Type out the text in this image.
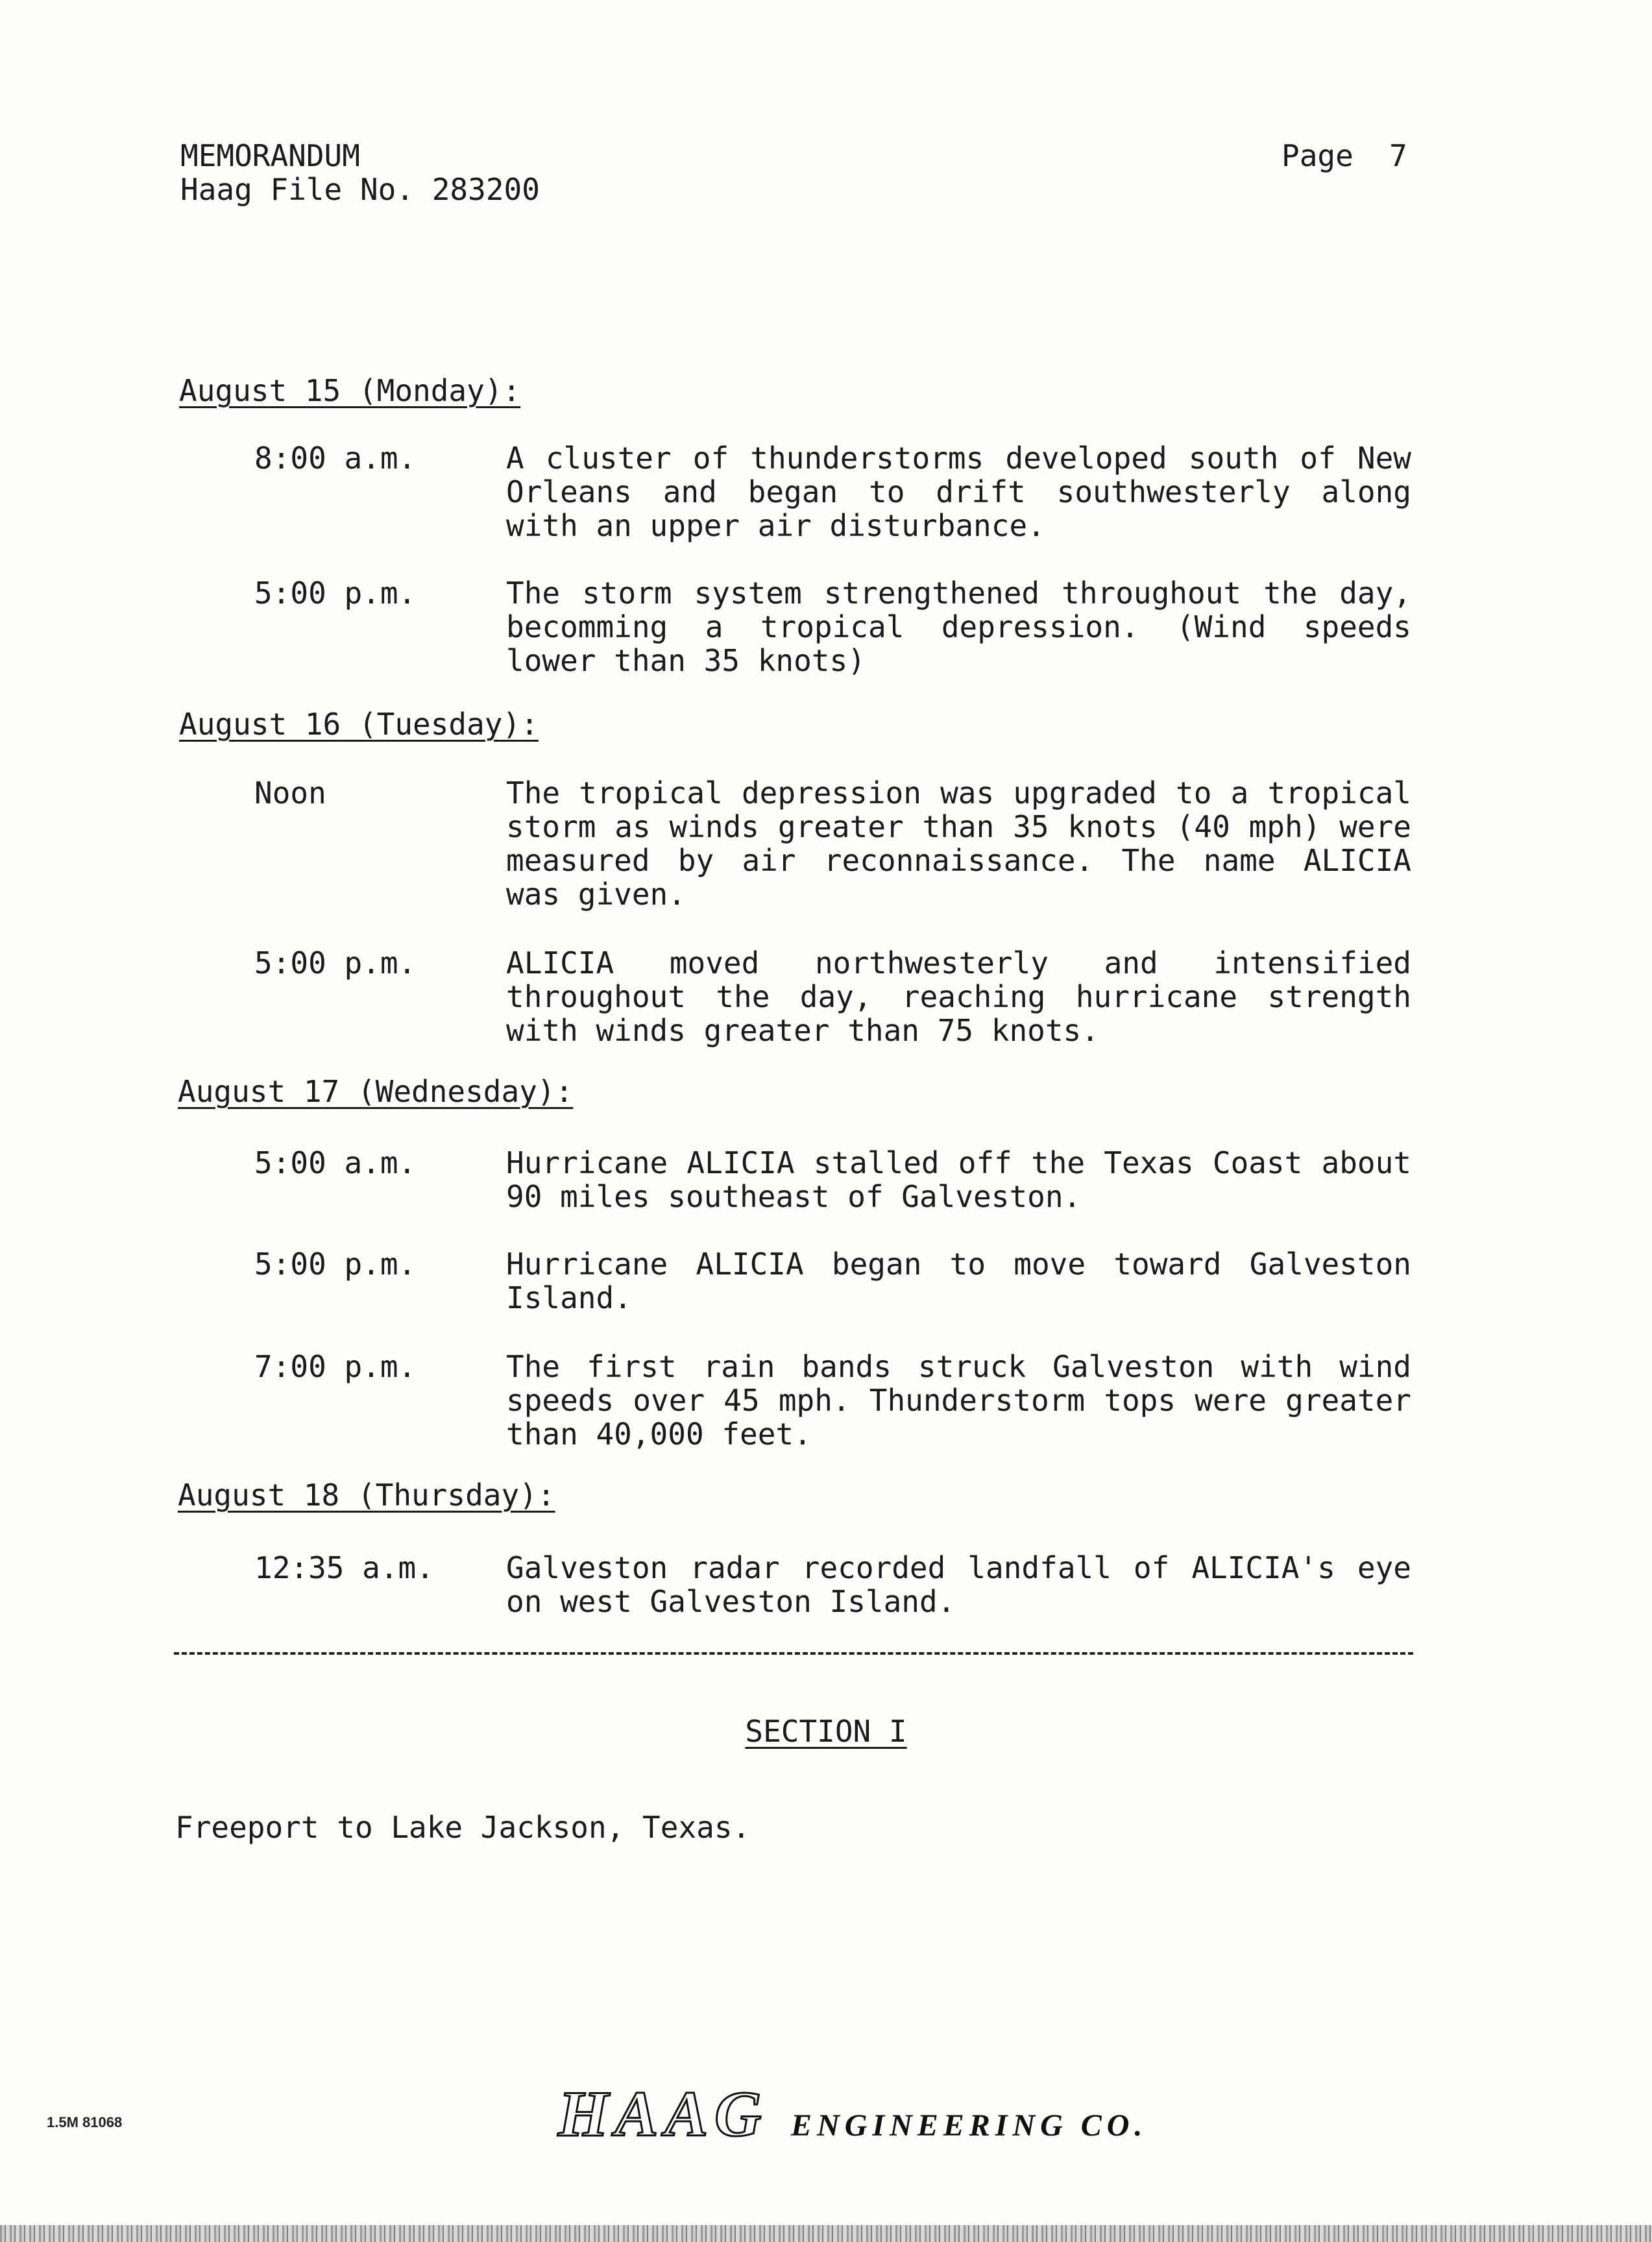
MEMORANDUM
Haag File No. 283200
Page  7
August 15 (Monday):
8:00 a.m.	A cluster of thunderstorms developed south of New Orleans and began to drift southwesterly along with an upper air disturbance.
5:00 p.m.	The storm system strengthened throughout the day, becomming a tropical depression. (Wind speeds lower than 35 knots)
August 16 (Tuesday):
Noon	The tropical depression was upgraded to a tropical storm as winds greater than 35 knots (40 mph) were measured by air reconnaissance. The name ALICIA was given.
5:00 p.m.	ALICIA moved northwesterly and intensified throughout the day, reaching hurricane strength with winds greater than 75 knots.
August 17 (Wednesday):
5:00 a.m.	Hurricane ALICIA stalled off the Texas Coast about 90 miles southeast of Galveston.
5:00 p.m.	Hurricane ALICIA began to move toward Galveston Island.
7:00 p.m.	The first rain bands struck Galveston with wind speeds over 45 mph. Thunderstorm tops were greater than 40,000 feet.
August 18 (Thursday):
12:35 a.m. Galveston radar recorded landfall of ALICIA's eye on west Galveston Island.
SECTION I
Freeport to Lake Jackson, Texas.
1.5M 81068	HAAG ENGINEERING CO.
